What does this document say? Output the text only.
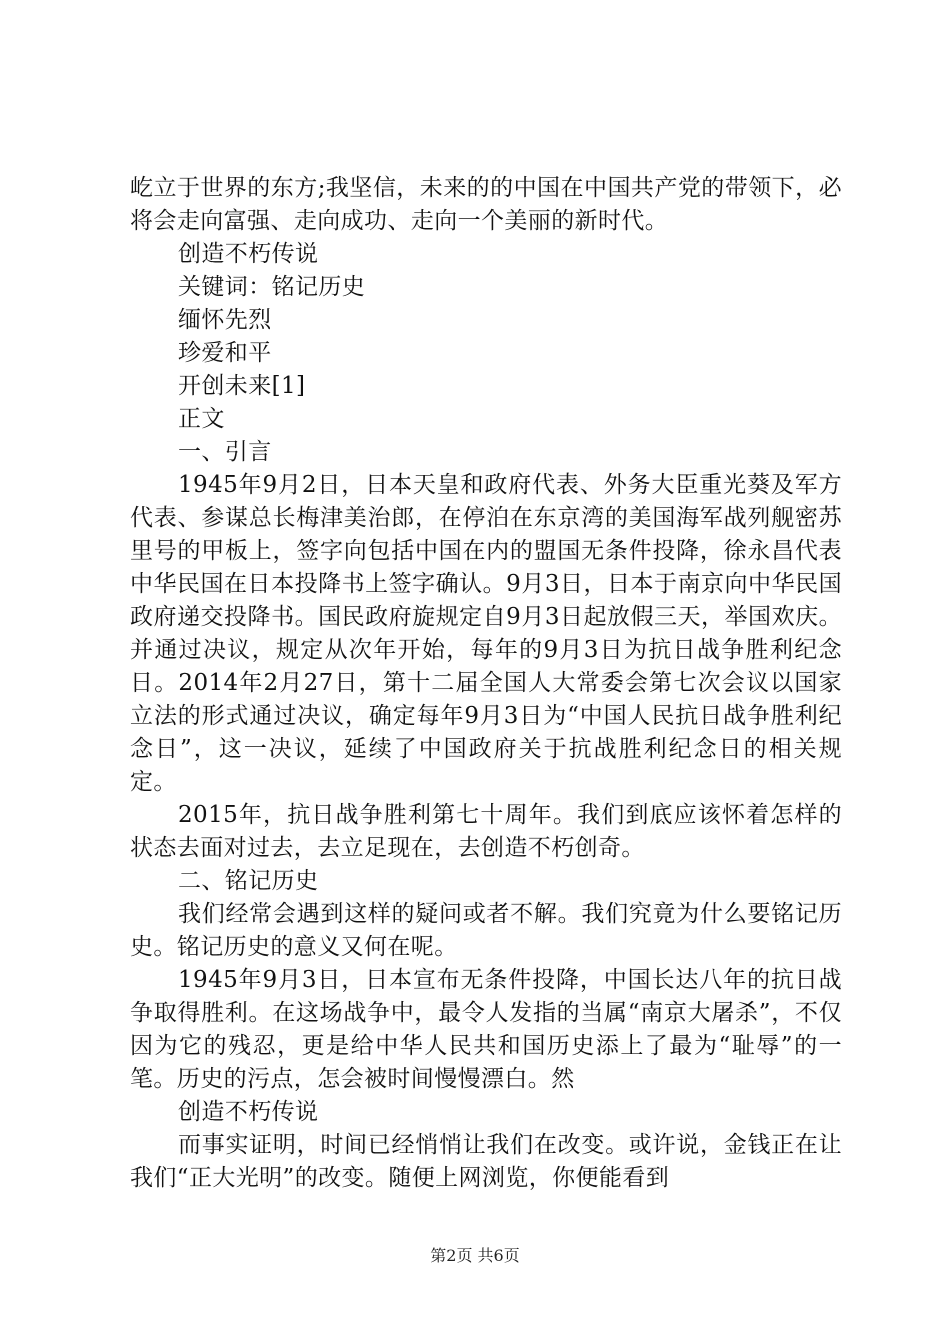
屹立于世界的东方;我坚信，未来的的中国在中国共产党的带领下，必将会走向富强、走向成功、走向一个美丽的新时代。

创造不朽传说

关键词：铭记历史

缅怀先烈

珍爱和平

开创未来[1]

正文

一、引言

1945年9月2日，日本天皇和政府代表、外务大臣重光葵及军方代表、参谋总长梅津美治郎，在停泊在东京湾的美国海军战列舰密苏里号的甲板上，签字向包括中国在内的盟国无条件投降，徐永昌代表中华民国在日本投降书上签字确认。9月3日，日本于南京向中华民国政府递交投降书。国民政府旋规定自9月3日起放假三天，举国欢庆。并通过决议，规定从次年开始，每年的9月3日为抗日战争胜利纪念日。2014年2月27日，第十二届全国人大常委会第七次会议以国家立法的形式通过决议，确定每年9月3日为“中国人民抗日战争胜利纪念日”，这一决议，延续了中国政府关于抗战胜利纪念日的相关规定。

2015年，抗日战争胜利第七十周年。我们到底应该怀着怎样的状态去面对过去，去立足现在，去创造不朽创奇。

二、铭记历史

我们经常会遇到这样的疑问或者不解。我们究竟为什么要铭记历史。铭记历史的意义又何在呢。

1945年9月3日，日本宣布无条件投降，中国长达八年的抗日战争取得胜利。在这场战争中，最令人发指的当属“南京大屠杀”，不仅因为它的残忍，更是给中华人民共和国历史添上了最为“耻辱”的一笔。历史的污点，怎会被时间慢慢漂白。然

创造不朽传说

而事实证明，时间已经悄悄让我们在改变。或许说，金钱正在让我们“正大光明”的改变。随便上网浏览，你便能看到

第2页 共6页
